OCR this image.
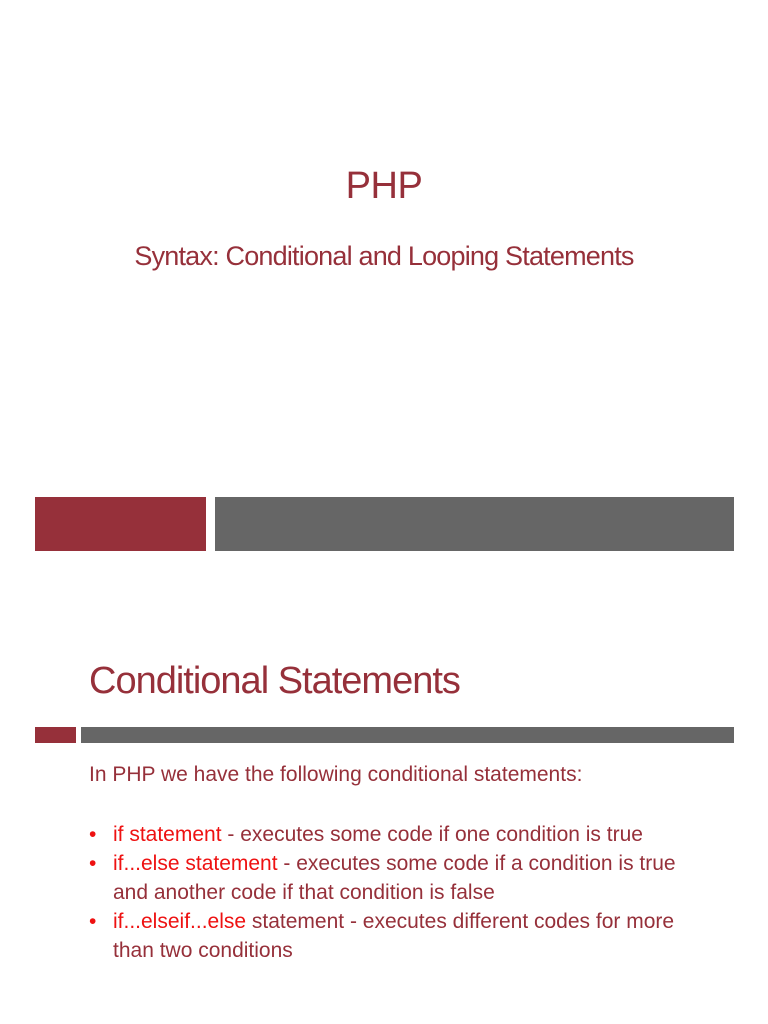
PHP
Syntax: Conditional and Looping Statements
Conditional Statements
In PHP we have the following conditional statements:
• if statement - executes some code if one condition is true
• if...else statement - executes some code if a condition is true and another code if that condition is false
• if...elseif...else statement - executes different codes for more than two conditions
